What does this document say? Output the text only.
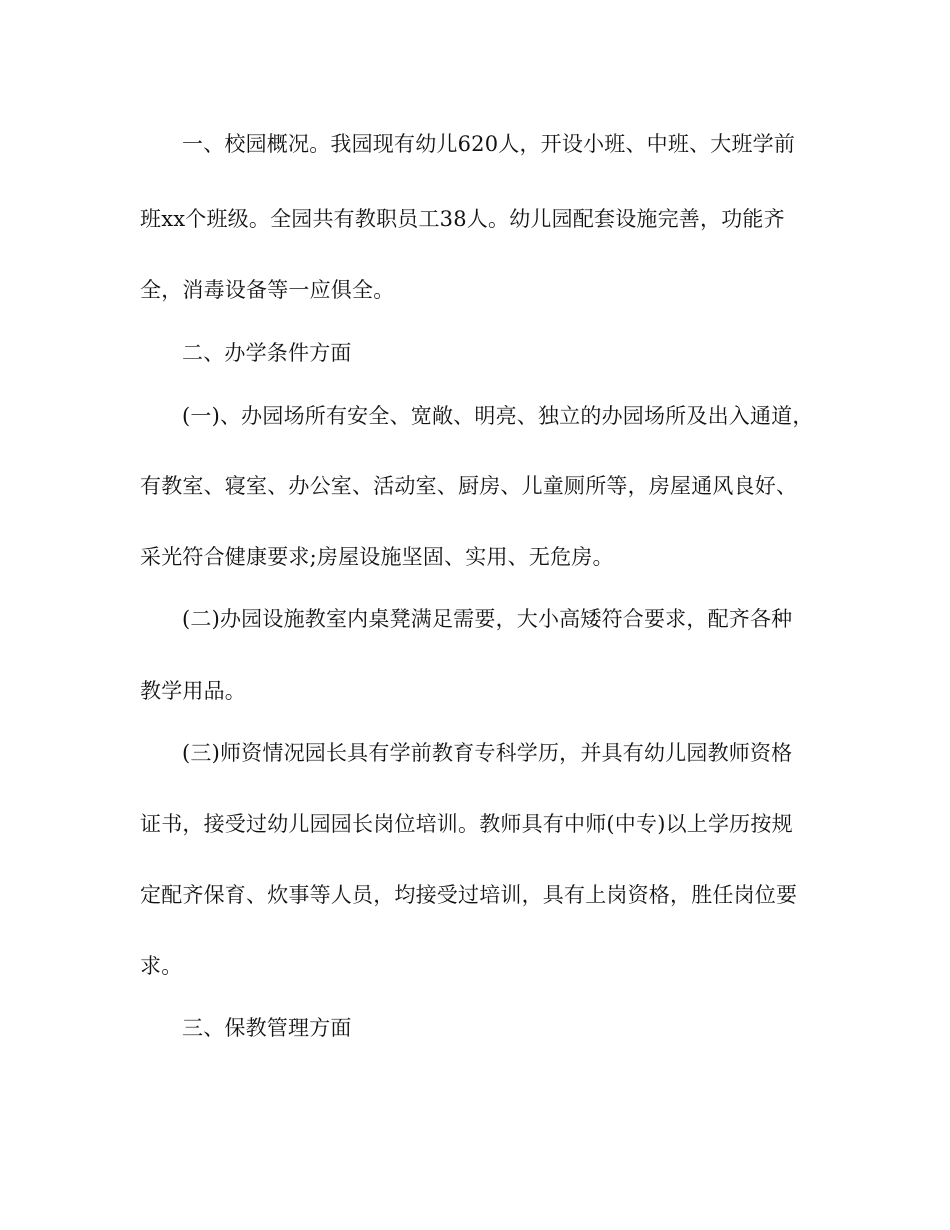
一、校园概况。我园现有幼儿620人，开设小班、中班、大班学前

班xx个班级。全园共有教职员工38人。幼儿园配套设施完善，功能齐

全，消毒设备等一应俱全。

二、办学条件方面

(一)、办园场所有安全、宽敞、明亮、独立的办园场所及出入通道，

有教室、寝室、办公室、活动室、厨房、儿童厕所等，房屋通风良好、

采光符合健康要求;房屋设施坚固、实用、无危房。

(二)办园设施教室内桌凳满足需要，大小高矮符合要求，配齐各种

教学用品。

(三)师资情况园长具有学前教育专科学历，并具有幼儿园教师资格

证书，接受过幼儿园园长岗位培训。教师具有中师(中专)以上学历按规

定配齐保育、炊事等人员，均接受过培训，具有上岗资格，胜任岗位要

求。

三、保教管理方面
